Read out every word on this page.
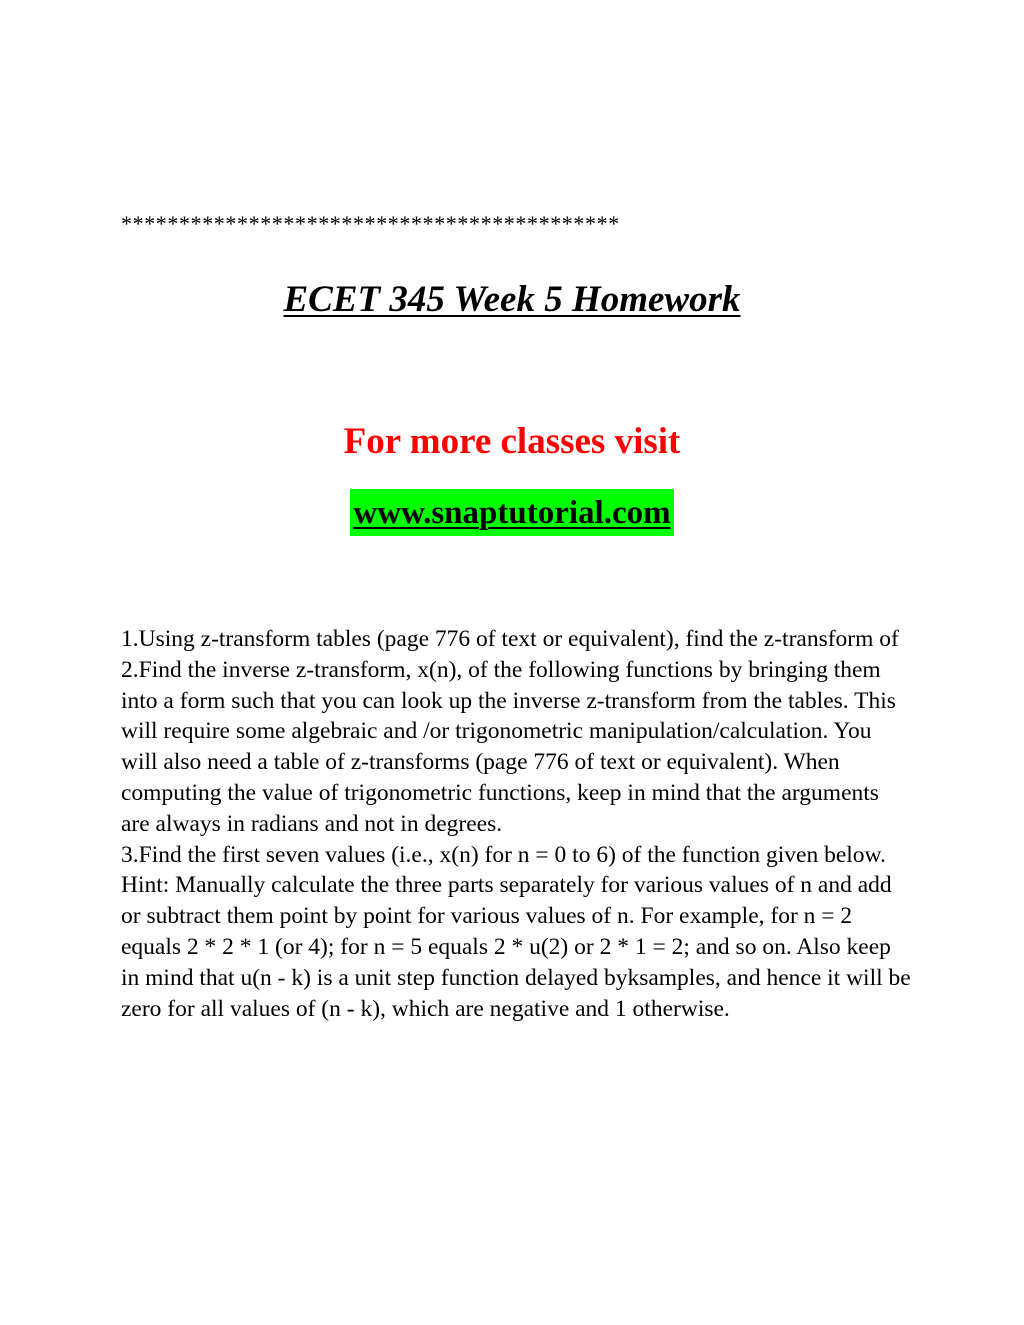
*******************************************
ECET 345 Week 5 Homework
For more classes visit
www.snaptutorial.com

1.Using z-transform tables (page 776 of text or equivalent), find the z-transform of

2.Find the inverse z-transform, x(n), of the following functions by bringing them into a form such that you can look up the inverse z-transform from the tables. This will require some algebraic and /or trigonometric manipulation/calculation. You will also need a table of z-transforms (page 776 of text or equivalent). When computing the value of trigonometric functions, keep in mind that the arguments are always in radians and not in degrees.

3.Find the first seven values (i.e., x(n) for n = 0 to 6) of the function given below.

Hint: Manually calculate the three parts separately for various values of n and add or subtract them point by point for various values of n. For example, for n = 2 equals 2 * 2 * 1 (or 4); for n = 5 equals 2 * u(2) or 2 * 1 = 2; and so on. Also keep in mind that u(n - k) is a unit step function delayed byksamples, and hence it will be zero for all values of (n - k), which are negative and 1 otherwise.
